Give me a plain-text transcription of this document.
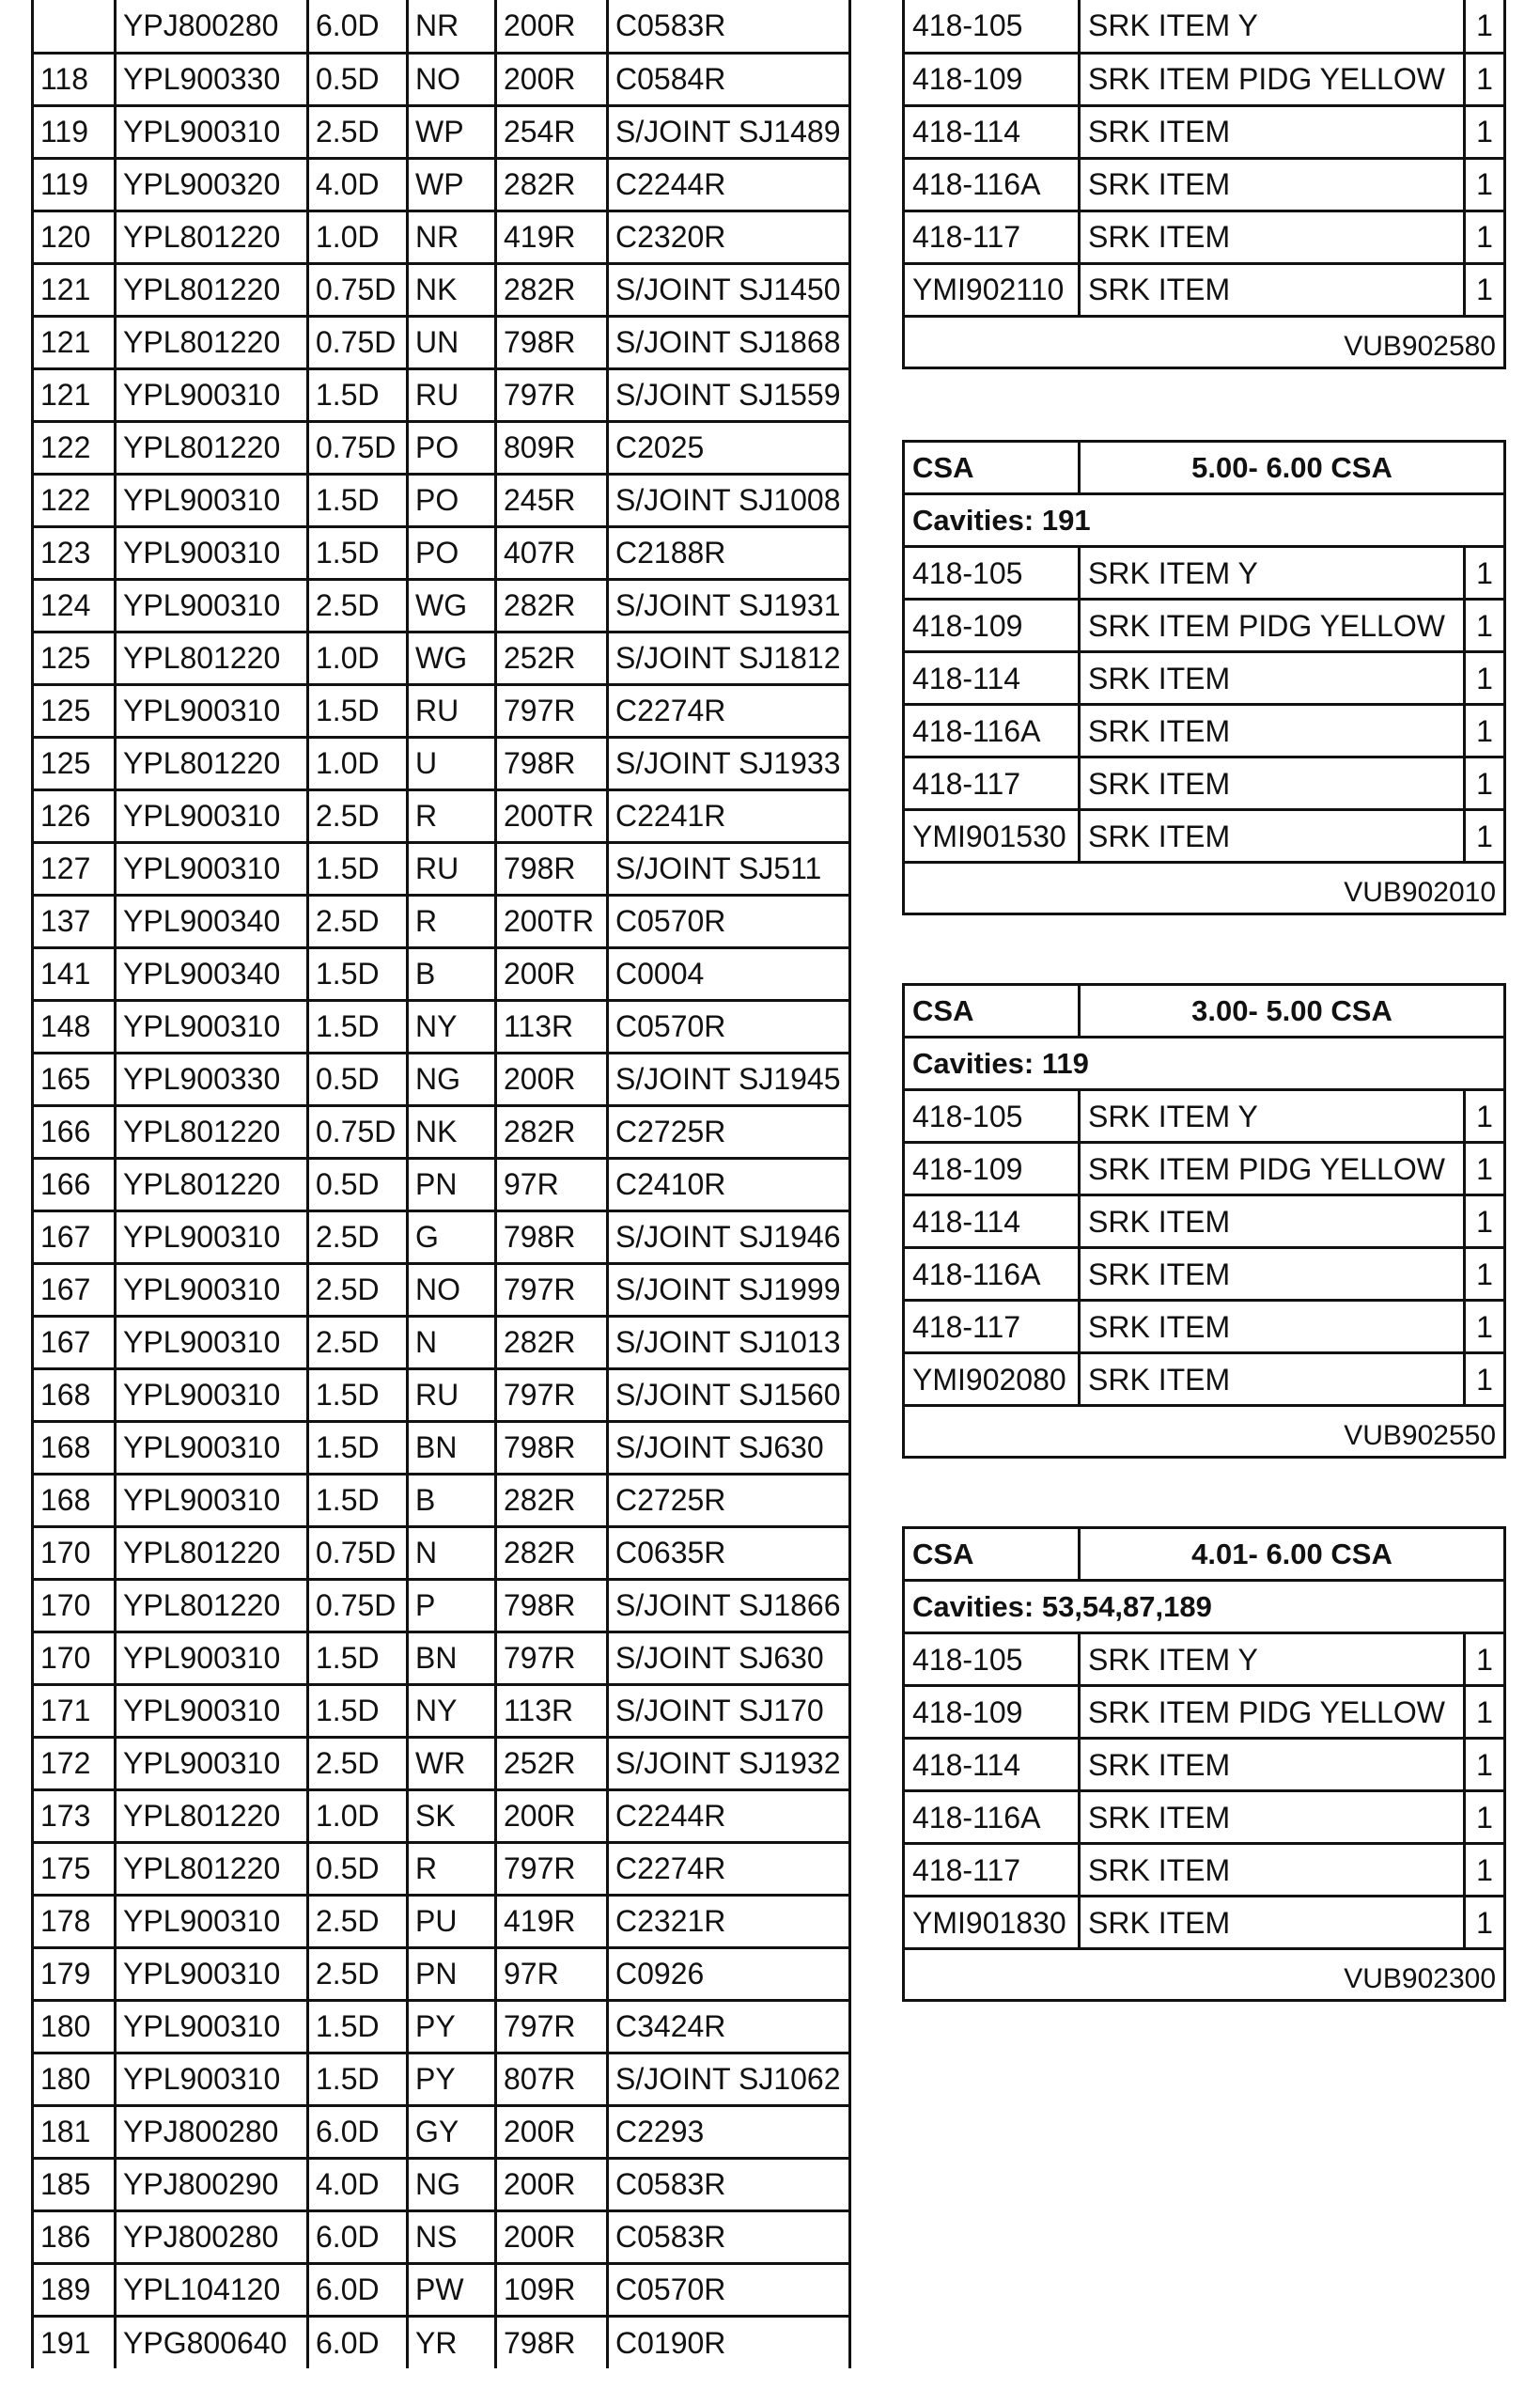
	YPJ800280	6.0D	NR	200R	C0583R
118	YPL900330	0.5D	NO	200R	C0584R
119	YPL900310	2.5D	WP	254R	S/JOINT SJ1489
119	YPL900320	4.0D	WP	282R	C2244R
120	YPL801220	1.0D	NR	419R	C2320R
121	YPL801220	0.75D	NK	282R	S/JOINT SJ1450
121	YPL801220	0.75D	UN	798R	S/JOINT SJ1868
121	YPL900310	1.5D	RU	797R	S/JOINT SJ1559
122	YPL801220	0.75D	PO	809R	C2025
122	YPL900310	1.5D	PO	245R	S/JOINT SJ1008
123	YPL900310	1.5D	PO	407R	C2188R
124	YPL900310	2.5D	WG	282R	S/JOINT SJ1931
125	YPL801220	1.0D	WG	252R	S/JOINT SJ1812
125	YPL900310	1.5D	RU	797R	C2274R
125	YPL801220	1.0D	U	798R	S/JOINT SJ1933
126	YPL900310	2.5D	R	200TR	C2241R
127	YPL900310	1.5D	RU	798R	S/JOINT SJ511
137	YPL900340	2.5D	R	200TR	C0570R
141	YPL900340	1.5D	B	200R	C0004
148	YPL900310	1.5D	NY	113R	C0570R
165	YPL900330	0.5D	NG	200R	S/JOINT SJ1945
166	YPL801220	0.75D	NK	282R	C2725R
166	YPL801220	0.5D	PN	97R	C2410R
167	YPL900310	2.5D	G	798R	S/JOINT SJ1946
167	YPL900310	2.5D	NO	797R	S/JOINT SJ1999
167	YPL900310	2.5D	N	282R	S/JOINT SJ1013
168	YPL900310	1.5D	RU	797R	S/JOINT SJ1560
168	YPL900310	1.5D	BN	798R	S/JOINT SJ630
168	YPL900310	1.5D	B	282R	C2725R
170	YPL801220	0.75D	N	282R	C0635R
170	YPL801220	0.75D	P	798R	S/JOINT SJ1866
170	YPL900310	1.5D	BN	797R	S/JOINT SJ630
171	YPL900310	1.5D	NY	113R	S/JOINT SJ170
172	YPL900310	2.5D	WR	252R	S/JOINT SJ1932
173	YPL801220	1.0D	SK	200R	C2244R
175	YPL801220	0.5D	R	797R	C2274R
178	YPL900310	2.5D	PU	419R	C2321R
179	YPL900310	2.5D	PN	97R	C0926
180	YPL900310	1.5D	PY	797R	C3424R
180	YPL900310	1.5D	PY	807R	S/JOINT SJ1062
181	YPJ800280	6.0D	GY	200R	C2293
185	YPJ800290	4.0D	NG	200R	C0583R
186	YPJ800280	6.0D	NS	200R	C0583R
189	YPL104120	6.0D	PW	109R	C0570R
191	YPG800640	6.0D	YR	798R	C0190R
418-105	SRK ITEM Y	1
418-109	SRK ITEM PIDG YELLOW	1
418-114	SRK ITEM	1
418-116A	SRK ITEM	1
418-117	SRK ITEM	1
YMI902110	SRK ITEM	1
VUB902580		
CSA	5.00- 6.00 CSA	
Cavities: 191		
418-105	SRK ITEM Y	1
418-109	SRK ITEM PIDG YELLOW	1
418-114	SRK ITEM	1
418-116A	SRK ITEM	1
418-117	SRK ITEM	1
YMI901530	SRK ITEM	1
VUB902010		
CSA	3.00- 5.00 CSA	
Cavities: 119		
418-105	SRK ITEM Y	1
418-109	SRK ITEM PIDG YELLOW	1
418-114	SRK ITEM	1
418-116A	SRK ITEM	1
418-117	SRK ITEM	1
YMI902080	SRK ITEM	1
VUB902550		
CSA	4.01- 6.00 CSA	
Cavities: 53,54,87,189		
418-105	SRK ITEM Y	1
418-109	SRK ITEM PIDG YELLOW	1
418-114	SRK ITEM	1
418-116A	SRK ITEM	1
418-117	SRK ITEM	1
YMI901830	SRK ITEM	1
VUB902300		
